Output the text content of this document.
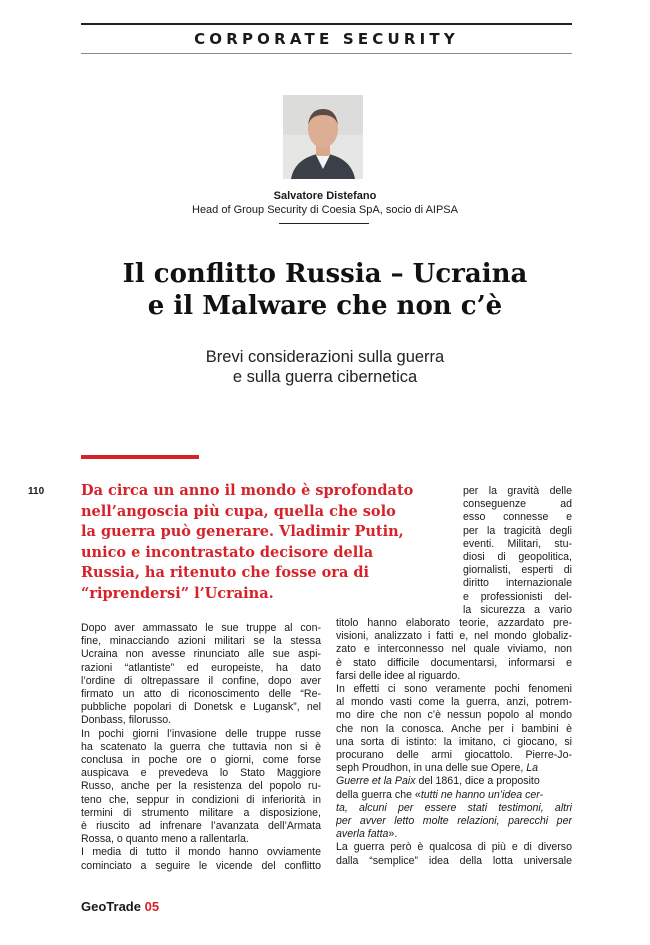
CORPORATE SECURITY
Salvatore Distefano
Head of Group Security di Coesia SpA, socio di AIPSA
Il conflitto Russia – Ucraina
e il Malware che non c’è
Brevi considerazioni sulla guerra
e sulla guerra cibernetica
110	Da circa un anno il mondo è sprofondato
nell’angoscia più cupa, quella che solo
la guerra può generare. Vladimir Putin,
unico e incontrastato decisore della
Russia, ha ritenuto che fosse ora di
“riprendersi” l’Ucraina.
per la gravità delle
conseguenze ad
esso connesse e
per la tragicità degli
eventi. Militari, stu-
diosi di geopolitica,
giornalisti, esperti di
diritto internazionale
e professionisti del-
la sicurezza a vario
Dopo aver ammassato le sue truppe al con-
fine, minacciando azioni militari se la stessa
Ucraina non avesse rinunciato alle sue aspi-
razioni “atlantiste” ed europeiste, ha dato
l’ordine di oltrepassare il confine, dopo aver
firmato un atto di riconoscimento delle “Re-
pubbliche popolari di Donetsk e Lugansk”, nel
Donbass, filorusso.
In pochi giorni l’invasione delle truppe russe
ha scatenato la guerra che tuttavia non si è
conclusa in poche ore o giorni, come forse
auspicava e prevedeva lo Stato Maggiore
Russo, anche per la resistenza del popolo ru-
teno che, seppur in condizioni di inferiorità in
termini di strumento militare a disposizione,
è riuscito ad infrenare l’avanzata dell’Armata
Rossa, o quanto meno a rallentarla.
I media di tutto il mondo hanno ovviamente
cominciato a seguire le vicende del conflitto
titolo hanno elaborato teorie, azzardato pre-
visioni, analizzato i fatti e, nel mondo globaliz-
zato e interconnesso nel quale viviamo, non
è stato difficile documentarsi, informarsi e
farsi delle idee al riguardo.
In effetti ci sono veramente pochi fenomeni
al mondo vasti come la guerra, anzi, potrem-
mo dire che non c’è nessun popolo al mondo
che non la conosca. Anche per i bambini è
una sorta di istinto: la imitano, ci giocano, si
procurano delle armi giocattolo. Pierre-Jo-
seph Proudhon, in una delle sue Opere, La
Guerre et la Paix del 1861, dice a proposito
della guerra che «tutti ne hanno un’idea cer-
ta, alcuni per essere stati testimoni, altri
per avver letto molte relazioni, parecchi per
averla fatta».
La guerra però è qualcosa di più e di diverso
dalla “semplice” idea della lotta universale
GeoTrade 05
